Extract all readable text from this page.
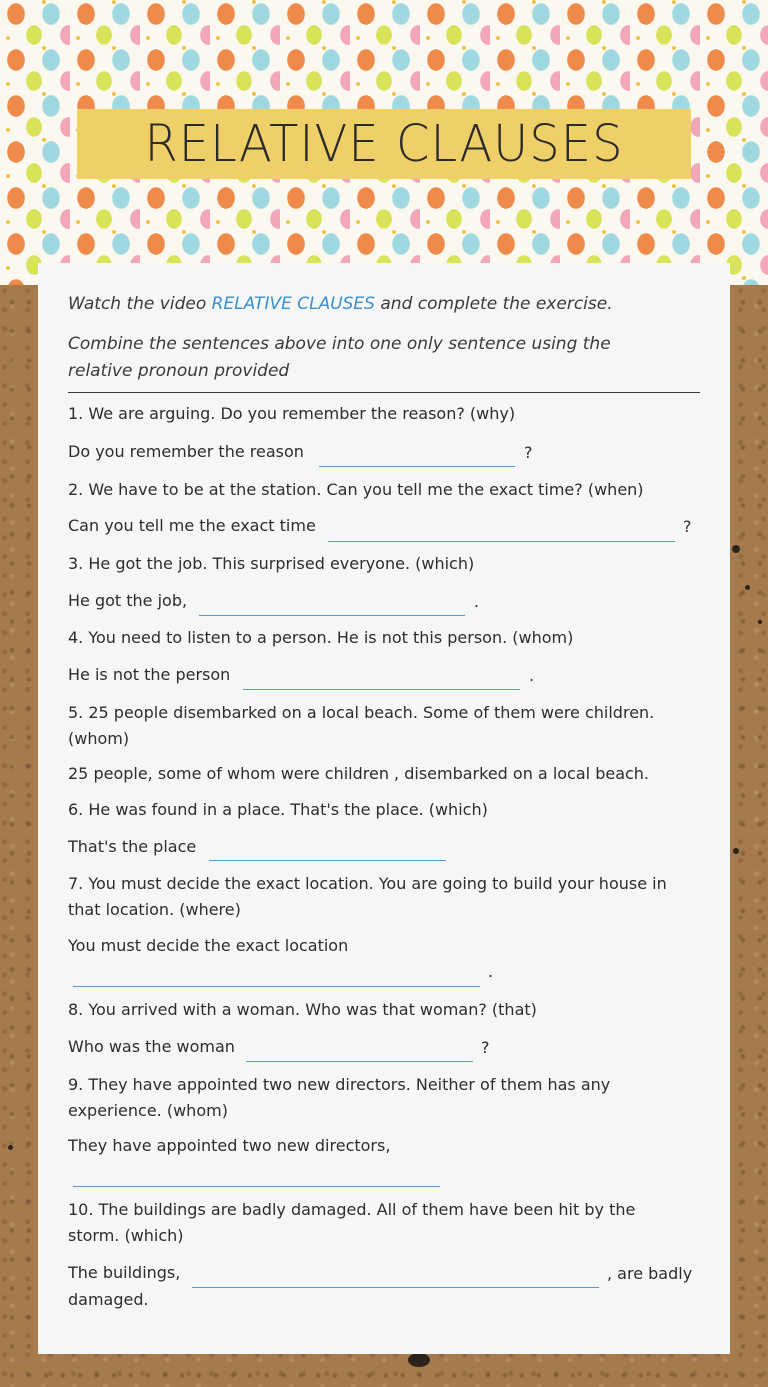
RELATIVE CLAUSES

Watch the video RELATIVE CLAUSES and complete the exercise.

Combine the sentences above into one only sentence using the relative pronoun provided

1. We are arguing. Do you remember the reason? (why)
Do you remember the reason	?
2. We have to be at the station. Can you tell me the exact time? (when)
Can you tell me the exact time	?
3. He got the job. This surprised everyone. (which)
He got the job,	.
4. You need to listen to a person. He is not this person. (whom)
He is not the person	.
5. 25 people disembarked on a local beach. Some of them were children. (whom)
25 people, some of whom were children , disembarked on a local beach.
6. He was found in a place. That's the place. (which)
That's the place
7. You must decide the exact location. You are going to build your house in that location. (where)
You must decide the exact location
.
8. You arrived with a woman. Who was that woman? (that)
Who was the woman	?
9. They have appointed two new directors. Neither of them has any experience. (whom)
They have appointed two new directors,
10. The buildings are badly damaged. All of them have been hit by the storm. (which)
The buildings,	, are badly
damaged.
